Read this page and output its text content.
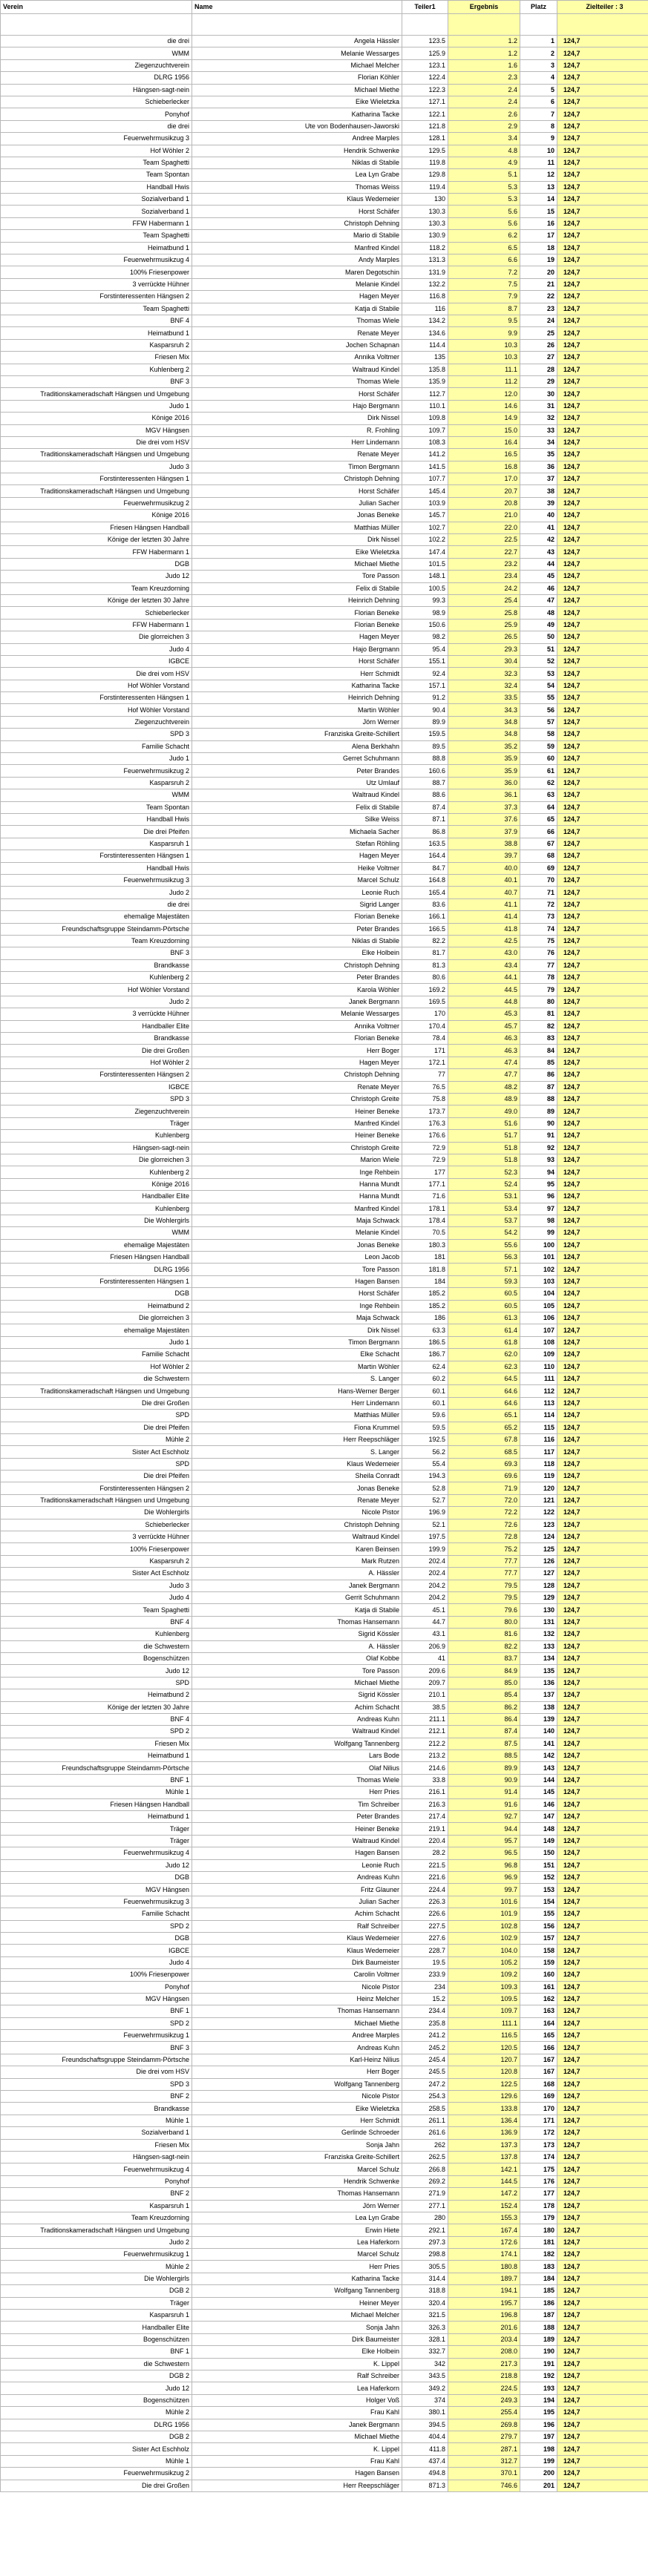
Verein	Name	Teiler1	Ergebnis	Platz	Zielteiler : 3

die drei	Angela Hässler	123.5	1.2	1	124,7
WMM	Melanie Wessarges	125.9	1.2	2	124,7
Ziegenzuchtverein	Michael Melcher	123.1	1.6	3	124,7
DLRG 1956	Florian Köhler	122.4	2.3	4	124,7
Hängsen-sagt-nein	Michael Miethe	122.3	2.4	5	124,7
Schieberlecker	Eike Wieletzka	127.1	2.4	6	124,7
Ponyhof	Katharina Tacke	122.1	2.6	7	124,7
die drei	Ute von Bodenhausen-Jaworski	121.8	2.9	8	124,7
Feuerwehrmusikzug 3	Andree Marples	128.1	3.4	9	124,7
Hof Wöhler 2	Hendrik Schwenke	129.5	4.8	10	124,7
Team Spaghetti	Niklas di Stabile	119.8	4.9	11	124,7
Team Spontan	Lea Lyn Grabe	129.8	5.1	12	124,7
Handball Hwis	Thomas Weiss	119.4	5.3	13	124,7
Sozialverband 1	Klaus Wedemeier	130	5.3	14	124,7
Sozialverband 1	Horst Schäfer	130.3	5.6	15	124,7
FFW Habermann 1	Christoph Dehning	130.3	5.6	16	124,7
Team Spaghetti	Mario di Stabile	130.9	6.2	17	124,7
Heimatbund 1	Manfred Kindel	118.2	6.5	18	124,7
Feuerwehrmusikzug 4	Andy Marples	131.3	6.6	19	124,7
100% Friesenpower	Maren Degotschin	131.9	7.2	20	124,7
3 verrückte Hühner	Melanie Kindel	132.2	7.5	21	124,7
Forstinteressenten Hängsen 2	Hagen Meyer	116.8	7.9	22	124,7
Team Spaghetti	Katja di Stabile	116	8.7	23	124,7
BNF 4	Thomas Wiele	134.2	9.5	24	124,7
Heimatbund 1	Renate Meyer	134.6	9.9	25	124,7
Kasparsruh 2	Jochen Schapnan	114.4	10.3	26	124,7
Friesen Mix	Annika Voltmer	135	10.3	27	124,7
Kuhlenberg 2	Waltraud Kindel	135.8	11.1	28	124,7
BNF 3	Thomas Wiele	135.9	11.2	29	124,7
Traditionskameradschaft Hängsen und Umgebung	Horst Schäfer	112.7	12.0	30	124,7
Judo 1	Hajo Bergmann	110.1	14.6	31	124,7
Könige 2016	Dirk Nissel	109.8	14.9	32	124,7
MGV Hängsen	R. Frohling	109.7	15.0	33	124,7
Die drei vom HSV	Herr Lindemann	108.3	16.4	34	124,7
Traditionskameradschaft Hängsen und Umgebung	Renate Meyer	141.2	16.5	35	124,7
Judo 3	Timon Bergmann	141.5	16.8	36	124,7
Forstinteressenten Hängsen 1	Christoph Dehning	107.7	17.0	37	124,7
Traditionskameradschaft Hängsen und Umgebung	Horst Schäfer	145.4	20.7	38	124,7
Feuerwehrmusikzug 2	Julian Sacher	103.9	20.8	39	124,7
Könige 2016	Jonas Beneke	145.7	21.0	40	124,7
Friesen Hängsen Handball	Matthias Müller	102.7	22.0	41	124,7
Könige der letzten 30 Jahre	Dirk Nissel	102.2	22.5	42	124,7
FFW Habermann 1	Eike Wieletzka	147.4	22.7	43	124,7
DGB	Michael Miethe	101.5	23.2	44	124,7
Judo 12	Tore Passon	148.1	23.4	45	124,7
Team Kreuzdorning	Felix di Stabile	100.5	24.2	46	124,7
Könige der letzten 30 Jahre	Heinrich Dehning	99.3	25.4	47	124,7
Schieberlecker	Florian Beneke	98.9	25.8	48	124,7
FFW Habermann 1	Florian Beneke	150.6	25.9	49	124,7
Die glorreichen 3	Hagen Meyer	98.2	26.5	50	124,7
Judo 4	Hajo Bergmann	95.4	29.3	51	124,7
IGBCE	Horst Schäfer	155.1	30.4	52	124,7
Die drei vom HSV	Herr Schmidt	92.4	32.3	53	124,7
Hof Wöhler Vorstand	Katharina Tacke	157.1	32.4	54	124,7
Forstinteressenten Hängsen 1	Heinrich Dehning	91.2	33.5	55	124,7
Hof Wöhler Vorstand	Martin Wöhler	90.4	34.3	56	124,7
Ziegenzuchtverein	Jörn Werner	89.9	34.8	57	124,7
SPD 3	Franziska Greite-Schillert	159.5	34.8	58	124,7
Familie Schacht	Alena Berkhahn	89.5	35.2	59	124,7
Judo 1	Gerret Schuhmann	88.8	35.9	60	124,7
Feuerwehrmusikzug 2	Peter Brandes	160.6	35.9	61	124,7
Kasparsruh 2	Utz Umlauf	88.7	36.0	62	124,7
WMM	Waltraud Kindel	88.6	36.1	63	124,7
Team Spontan	Felix di Stabile	87.4	37.3	64	124,7
Handball Hwis	Silke Weiss	87.1	37.6	65	124,7
Die drei Pfeifen	Michaela Sacher	86.8	37.9	66	124,7
Kasparsruh 1	Stefan Röhling	163.5	38.8	67	124,7
Forstinteressenten Hängsen 1	Hagen Meyer	164.4	39.7	68	124,7
Handball Hwis	Heike Voltmer	84.7	40.0	69	124,7
Feuerwehrmusikzug 3	Marcel Schulz	164.8	40.1	70	124,7
Judo 2	Leonie Ruch	165.4	40.7	71	124,7
die drei	Sigrid Langer	83.6	41.1	72	124,7
ehemalige Majestäten	Florian Beneke	166.1	41.4	73	124,7
Freundschaftsgruppe Steindamm-Pörtsche	Peter Brandes	166.5	41.8	74	124,7
Team Kreuzdorning	Niklas di Stabile	82.2	42.5	75	124,7
BNF 3	Elke Holbein	81.7	43.0	76	124,7
Brandkasse	Christoph Dehning	81.3	43.4	77	124,7
Kuhlenberg 2	Peter Brandes	80.6	44.1	78	124,7
Hof Wöhler Vorstand	Karola Wöhler	169.2	44.5	79	124,7
Judo 2	Janek Bergmann	169.5	44.8	80	124,7
3 verrückte Hühner	Melanie Wessarges	170	45.3	81	124,7
Handballer Elite	Annika Voltmer	170.4	45.7	82	124,7
Brandkasse	Florian Beneke	78.4	46.3	83	124,7
Die drei Großen	Herr Boger	171	46.3	84	124,7
Hof Wöhler 2	Hagen Meyer	172.1	47.4	85	124,7
Forstinteressenten Hängsen 2	Christoph Dehning	77	47.7	86	124,7
IGBCE	Renate Meyer	76.5	48.2	87	124,7
SPD 3	Christoph Greite	75.8	48.9	88	124,7
Ziegenzuchtverein	Heiner Beneke	173.7	49.0	89	124,7
Träger	Manfred Kindel	176.3	51.6	90	124,7
Kuhlenberg	Heiner Beneke	176.6	51.7	91	124,7
Hängsen-sagt-nein	Christoph Greite	72.9	51.8	92	124,7
Die glorreichen 3	Marion Wiele	72.9	51.8	93	124,7
Kuhlenberg 2	Inge Rehbein	177	52.3	94	124,7
Könige 2016	Hanna Mundt	177.1	52.4	95	124,7
Handballer Elite	Hanna Mundt	71.6	53.1	96	124,7
Kuhlenberg	Manfred Kindel	178.1	53.4	97	124,7
Die Wohlergirls	Maja Schwack	178.4	53.7	98	124,7
WMM	Melanie Kindel	70.5	54.2	99	124,7
ehemalige Majestäten	Jonas Beneke	180.3	55.6	100	124,7
Friesen Hängsen Handball	Leon Jacob	181	56.3	101	124,7
DLRG 1956	Tore Passon	181.8	57.1	102	124,7
Forstinteressenten Hängsen 1	Hagen Bansen	184	59.3	103	124,7
DGB	Horst Schäfer	185.2	60.5	104	124,7
Heimatbund 2	Inge Rehbein	185.2	60.5	105	124,7
Die glorreichen 3	Maja Schwack	186	61.3	106	124,7
ehemalige Majestäten	Dirk Nissel	63.3	61.4	107	124,7
Judo 1	Timon Bergmann	186.5	61.8	108	124,7
Familie Schacht	Elke Schacht	186.7	62.0	109	124,7
Hof Wöhler 2	Martin Wöhler	62.4	62.3	110	124,7
die Schwestern	S. Langer	60.2	64.5	111	124,7
Traditionskameradschaft Hängsen und Umgebung	Hans-Werner Berger	60.1	64.6	112	124,7
Die drei Großen	Herr Lindemann	60.1	64.6	113	124,7
SPD	Matthias Müller	59.6	65.1	114	124,7
Die drei Pfeifen	Fiona Krummel	59.5	65.2	115	124,7
Mühle 2	Herr Reepschläger	192.5	67.8	116	124,7
Sister Act Eschholz	S. Langer	56.2	68.5	117	124,7
SPD	Klaus Wedemeier	55.4	69.3	118	124,7
Die drei Pfeifen	Sheila Conradt	194.3	69.6	119	124,7
Forstinteressenten Hängsen 2	Jonas Beneke	52.8	71.9	120	124,7
Traditionskameradschaft Hängsen und Umgebung	Renate Meyer	52.7	72.0	121	124,7
Die Wohlergirls	Nicole Pistor	196.9	72.2	122	124,7
Schieberlecker	Christoph Dehning	52.1	72.6	123	124,7
3 verrückte Hühner	Waltraud Kindel	197.5	72.8	124	124,7
100% Friesenpower	Karen Beinsen	199.9	75.2	125	124,7
Kasparsruh 2	Mark Rutzen	202.4	77.7	126	124,7
Sister Act Eschholz	A. Hässler	202.4	77.7	127	124,7
Judo 3	Janek Bergmann	204.2	79.5	128	124,7
Judo 4	Gerrit Schuhmann	204.2	79.5	129	124,7
Team Spaghetti	Katja di Stabile	45.1	79.6	130	124,7
BNF 4	Thomas Hansemann	44.7	80.0	131	124,7
Kuhlenberg	Sigrid Kössler	43.1	81.6	132	124,7
die Schwestern	A. Hässler	206.9	82.2	133	124,7
Bogenschützen	Olaf Kobbe	41	83.7	134	124,7
Judo 12	Tore Passon	209.6	84.9	135	124,7
SPD	Michael Miethe	209.7	85.0	136	124,7
Heimatbund 2	Sigrid Kössler	210.1	85.4	137	124,7
Könige der letzten 30 Jahre	Achim Schacht	38.5	86.2	138	124,7
BNF 4	Andreas Kuhn	211.1	86.4	139	124,7
SPD 2	Waltraud Kindel	212.1	87.4	140	124,7
Friesen Mix	Wolfgang Tannenberg	212.2	87.5	141	124,7
Heimatbund 1	Lars Bode	213.2	88.5	142	124,7
Freundschaftsgruppe Steindamm-Pörtsche	Olaf Nilius	214.6	89.9	143	124,7
BNF 1	Thomas Wiele	33.8	90.9	144	124,7
Mühle 1	Herr Pries	216.1	91.4	145	124,7
Friesen Hängsen Handball	Tim Schreiber	216.3	91.6	146	124,7
Heimatbund 1	Peter Brandes	217.4	92.7	147	124,7
Träger	Heiner Beneke	219.1	94.4	148	124,7
Träger	Waltraud Kindel	220.4	95.7	149	124,7
Feuerwehrmusikzug 4	Hagen Bansen	28.2	96.5	150	124,7
Judo 12	Leonie Ruch	221.5	96.8	151	124,7
DGB	Andreas Kuhn	221.6	96.9	152	124,7
MGV Hängsen	Fritz Glauner	224.4	99.7	153	124,7
Feuerwehrmusikzug 3	Julian Sacher	226.3	101.6	154	124,7
Familie Schacht	Achim Schacht	226.6	101.9	155	124,7
SPD 2	Ralf Schreiber	227.5	102.8	156	124,7
DGB	Klaus Wedemeier	227.6	102.9	157	124,7
IGBCE	Klaus Wedemeier	228.7	104.0	158	124,7
Judo 4	Dirk Baumeister	19.5	105.2	159	124,7
100% Friesenpower	Carolin Voltmer	233.9	109.2	160	124,7
Ponyhof	Nicole Pistor	234	109.3	161	124,7
MGV Hängsen	Heinz Melcher	15.2	109.5	162	124,7
BNF 1	Thomas Hansemann	234.4	109.7	163	124,7
SPD 2	Michael Miethe	235.8	111.1	164	124,7
Feuerwehrmusikzug 1	Andree Marples	241.2	116.5	165	124,7
BNF 3	Andreas Kuhn	245.2	120.5	166	124,7
Freundschaftsgruppe Steindamm-Pörtsche	Karl-Heinz Nilius	245.4	120.7	167	124,7
Die drei vom HSV	Herr Boger	245.5	120.8	167	124,7
SPD 3	Wolfgang Tannenberg	247.2	122.5	168	124,7
BNF 2	Nicole Pistor	254.3	129.6	169	124,7
Brandkasse	Eike Wieletzka	258.5	133.8	170	124,7
Mühle 1	Herr Schmidt	261.1	136.4	171	124,7
Sozialverband 1	Gerlinde Schroeder	261.6	136.9	172	124,7
Friesen Mix	Sonja Jahn	262	137.3	173	124,7
Hängsen-sagt-nein	Franziska Greite-Schillert	262.5	137.8	174	124,7
Feuerwehrmusikzug 4	Marcel Schulz	266.8	142.1	175	124,7
Ponyhof	Hendrik Schwenke	269.2	144.5	176	124,7
BNF 2	Thomas Hansemann	271.9	147.2	177	124,7
Kasparsruh 1	Jörn Werner	277.1	152.4	178	124,7
Team Kreuzdorning	Lea Lyn Grabe	280	155.3	179	124,7
Traditionskameradschaft Hängsen und Umgebung	Erwin Hiete	292.1	167.4	180	124,7
Judo 2	Lea Haferkorn	297.3	172.6	181	124,7
Feuerwehrmusikzug 1	Marcel Schulz	298.8	174.1	182	124,7
Mühle 2	Herr Pries	305.5	180.8	183	124,7
Die Wohlergirls	Katharina Tacke	314.4	189.7	184	124,7
DGB 2	Wolfgang Tannenberg	318.8	194.1	185	124,7
Träger	Heiner Meyer	320.4	195.7	186	124,7
Kasparsruh 1	Michael Melcher	321.5	196.8	187	124,7
Handballer Elite	Sonja Jahn	326.3	201.6	188	124,7
Bogenschützen	Dirk Baumeister	328.1	203.4	189	124,7
BNF 1	Elke Holbein	332.7	208.0	190	124,7
die Schwestern	K. Lippel	342	217.3	191	124,7
DGB 2	Ralf Schreiber	343.5	218.8	192	124,7
Judo 12	Lea Haferkorn	349.2	224.5	193	124,7
Bogenschützen	Holger Voß	374	249.3	194	124,7
Mühle 2	Frau Kahl	380.1	255.4	195	124,7
DLRG 1956	Janek Bergmann	394.5	269.8	196	124,7
DGB 2	Michael Miethe	404.4	279.7	197	124,7
Sister Act Eschholz	K. Lippel	411.8	287.1	198	124,7
Mühle 1	Frau Kahl	437.4	312.7	199	124,7
Feuerwehrmusikzug 2	Hagen Bansen	494.8	370.1	200	124,7
Die drei Großen	Herr Reepschläger	871.3	746.6	201	124,7
